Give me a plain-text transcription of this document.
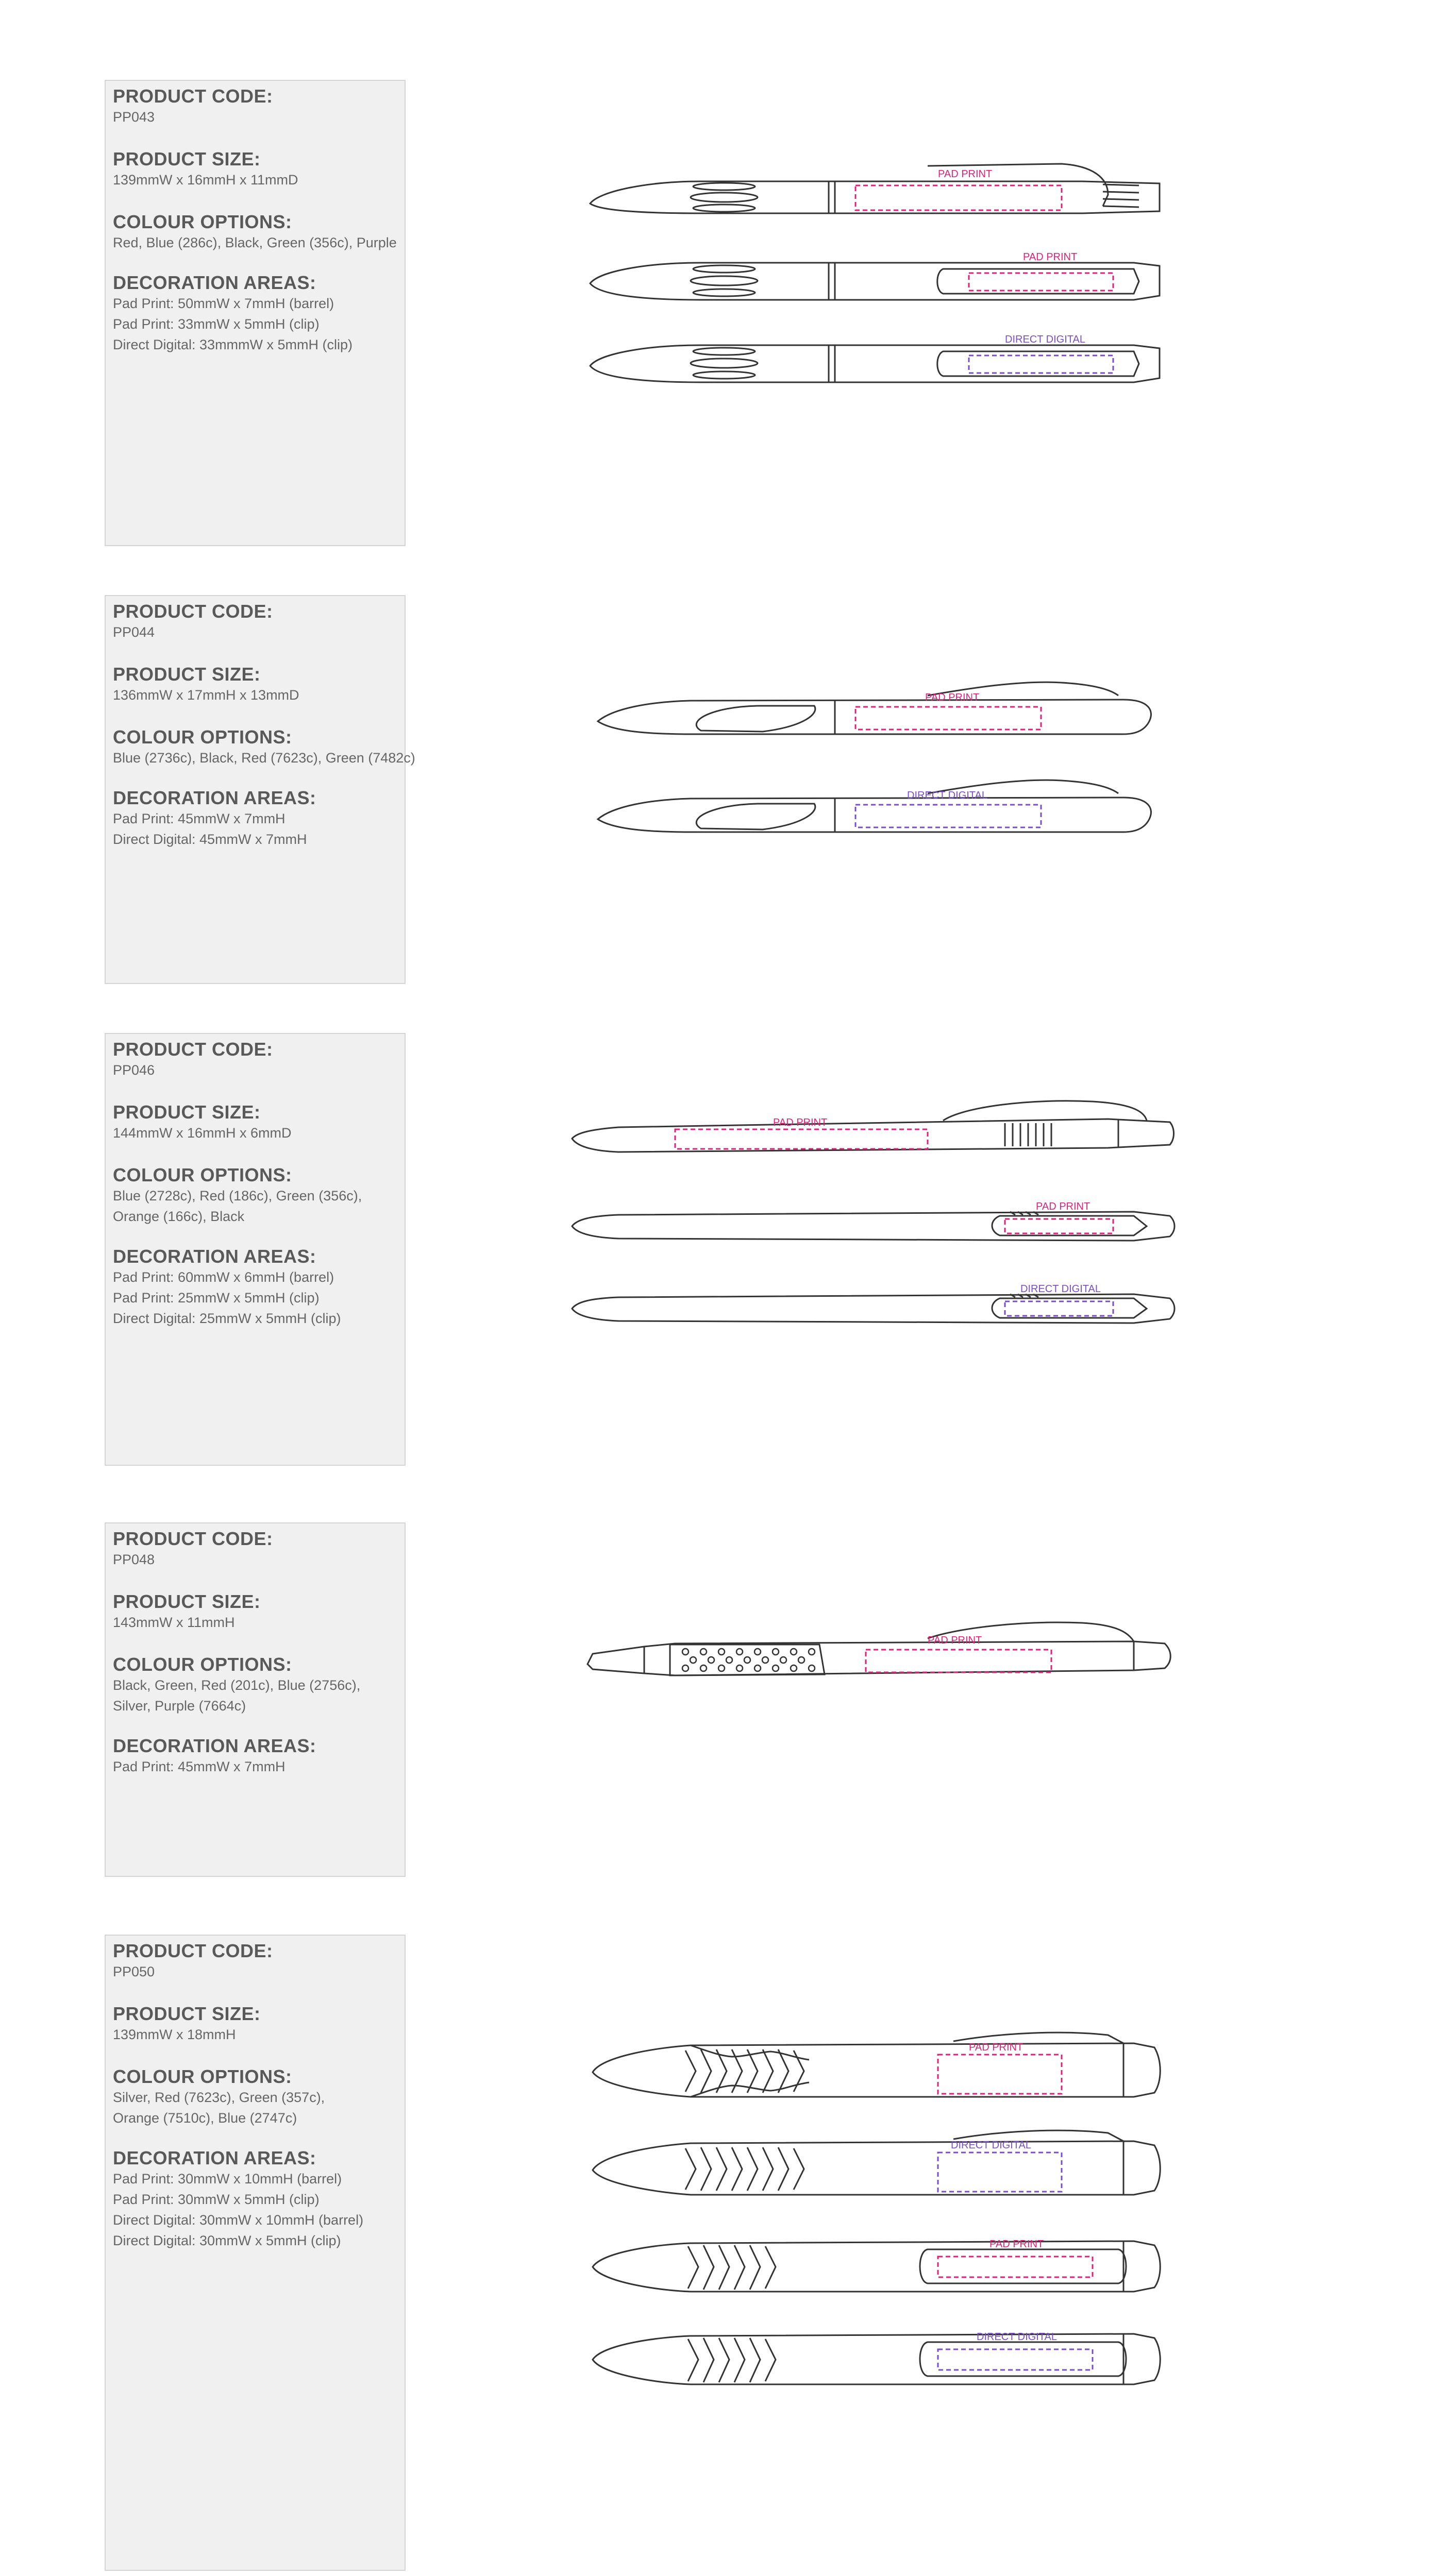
PRODUCT CODE:
PP043
PRODUCT SIZE:
139mmW x 16mmH x 11mmD
COLOUR OPTIONS:
Red, Blue (286c), Black, Green (356c), Purple
DECORATION AREAS:
Pad Print: 50mmW x 7mmH (barrel)
Pad Print: 33mmW x 5mmH (clip)
Direct Digital: 33mmmW x 5mmH (clip)
PAD PRINT
PAD PRINT
DIRECT DIGITAL
PRODUCT CODE:
PP044
PRODUCT SIZE:
136mmW x 17mmH x 13mmD
COLOUR OPTIONS:
Blue (2736c), Black, Red (7623c), Green (7482c)
DECORATION AREAS:
Pad Print: 45mmW x 7mmH
Direct Digital: 45mmW x 7mmH
PAD PRINT
DIRECT DIGITAL
PRODUCT CODE:
PP046
PRODUCT SIZE:
144mmW x 16mmH x 6mmD
COLOUR OPTIONS:
Blue (2728c), Red (186c), Green (356c),
Orange (166c), Black
DECORATION AREAS:
Pad Print: 60mmW x 6mmH (barrel)
Pad Print: 25mmW x 5mmH (clip)
Direct Digital: 25mmW x 5mmH (clip)
PAD PRINT
PAD PRINT
DIRECT DIGITAL
PRODUCT CODE:
PP048
PRODUCT SIZE:
143mmW x 11mmH
COLOUR OPTIONS:
Black, Green, Red (201c), Blue (2756c),
Silver, Purple (7664c)
DECORATION AREAS:
Pad Print: 45mmW x 7mmH
PAD PRINT
PRODUCT CODE:
PP050
PRODUCT SIZE:
139mmW x 18mmH
COLOUR OPTIONS:
Silver, Red (7623c), Green (357c),
Orange (7510c), Blue (2747c)
DECORATION AREAS:
Pad Print: 30mmW x 10mmH (barrel)
Pad Print: 30mmW x 5mmH (clip)
Direct Digital: 30mmW x 10mmH (barrel)
Direct Digital: 30mmW x 5mmH (clip)
PAD PRINT
DIRECT DIGITAL
PAD PRINT
DIRECT DIGITAL
